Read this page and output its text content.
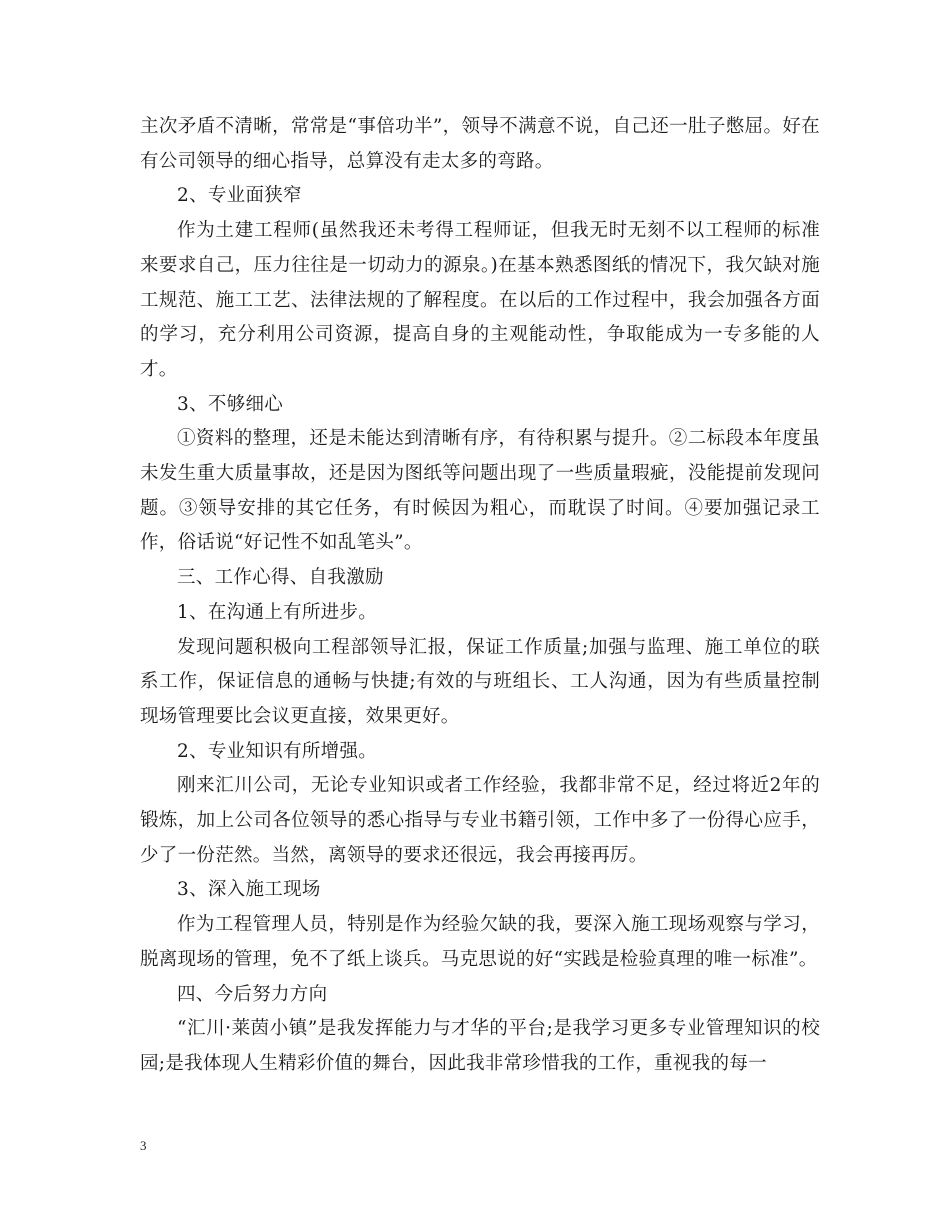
主次矛盾不清晰，常常是“事倍功半”，领导不满意不说，自己还一肚子憋屈。好在有公司领导的细心指导，总算没有走太多的弯路。

2、专业面狭窄

作为土建工程师(虽然我还未考得工程师证，但我无时无刻不以工程师的标准来要求自己，压力往往是一切动力的源泉。)在基本熟悉图纸的情况下，我欠缺对施工规范、施工工艺、法律法规的了解程度。在以后的工作过程中，我会加强各方面的学习，充分利用公司资源，提高自身的主观能动性，争取能成为一专多能的人才。

3、不够细心

①资料的整理，还是未能达到清晰有序，有待积累与提升。②二标段本年度虽未发生重大质量事故，还是因为图纸等问题出现了一些质量瑕疵，没能提前发现问题。③领导安排的其它任务，有时候因为粗心，而耽误了时间。④要加强记录工作，俗话说“好记性不如乱笔头”。

三、工作心得、自我激励

1、在沟通上有所进步。

发现问题积极向工程部领导汇报，保证工作质量;加强与监理、施工单位的联系工作，保证信息的通畅与快捷;有效的与班组长、工人沟通，因为有些质量控制现场管理要比会议更直接，效果更好。

2、专业知识有所增强。

刚来汇川公司，无论专业知识或者工作经验，我都非常不足，经过将近2年的锻炼，加上公司各位领导的悉心指导与专业书籍引领，工作中多了一份得心应手，少了一份茫然。当然，离领导的要求还很远，我会再接再厉。

3、深入施工现场

作为工程管理人员，特别是作为经验欠缺的我，要深入施工现场观察与学习，脱离现场的管理，免不了纸上谈兵。马克思说的好“实践是检验真理的唯一标准”。

四、今后努力方向

“汇川·莱茵小镇”是我发挥能力与才华的平台;是我学习更多专业管理知识的校园;是我体现人生精彩价值的舞台，因此我非常珍惜我的工作，重视我的每一

3
